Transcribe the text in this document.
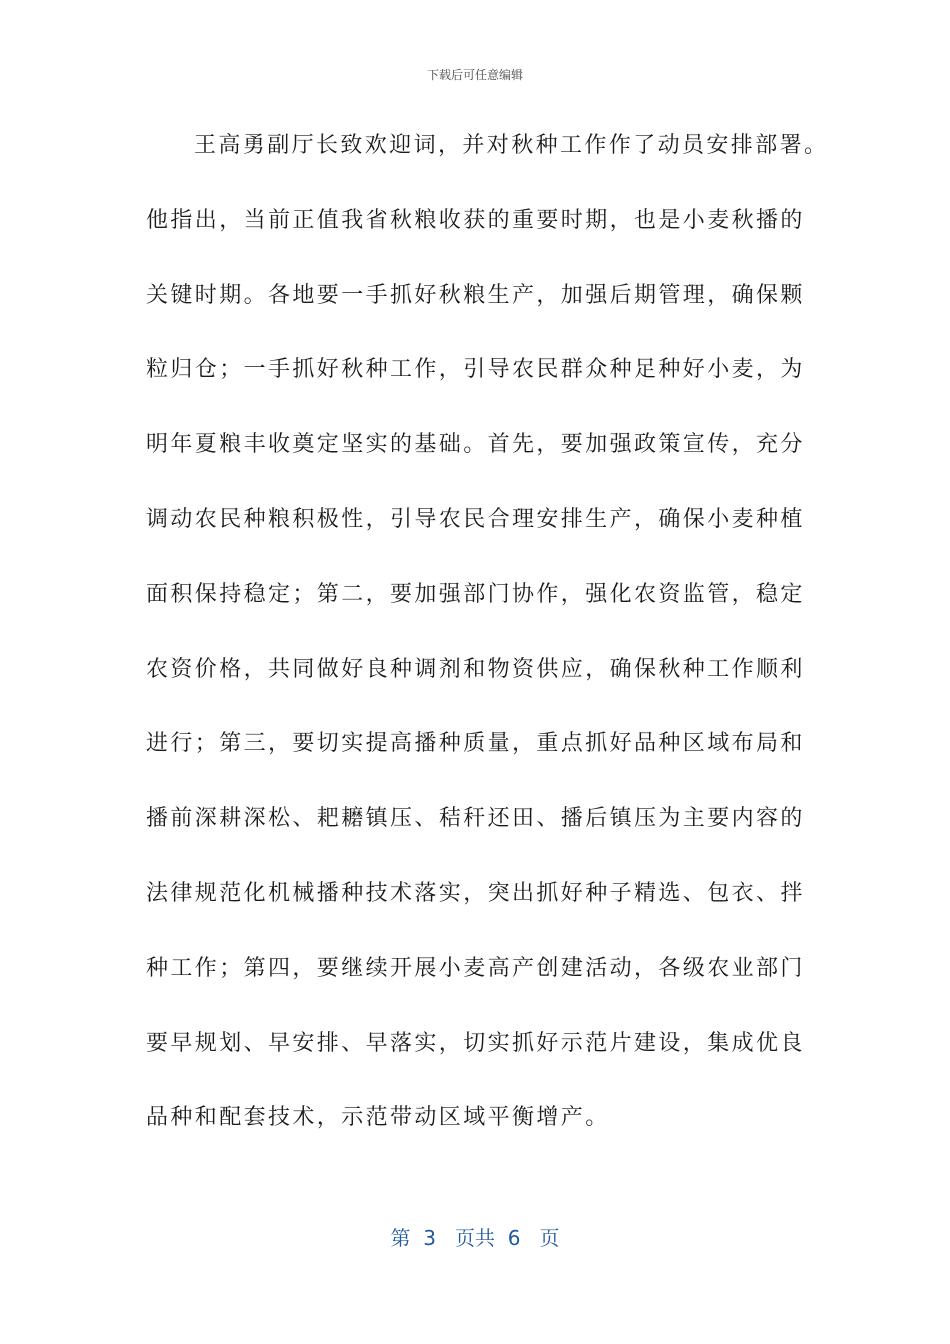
下载后可任意编辑
王高勇副厅长致欢迎词，并对秋种工作作了动员安排部署。
他指出，当前正值我省秋粮收获的重要时期，也是小麦秋播的
关键时期。各地要一手抓好秋粮生产，加强后期管理，确保颗
粒归仓；一手抓好秋种工作，引导农民群众种足种好小麦，为
明年夏粮丰收奠定坚实的基础。首先，要加强政策宣传，充分
调动农民种粮积极性，引导农民合理安排生产，确保小麦种植
面积保持稳定；第二，要加强部门协作，强化农资监管，稳定
农资价格，共同做好良种调剂和物资供应，确保秋种工作顺利
进行；第三，要切实提高播种质量，重点抓好品种区域布局和
播前深耕深松、耙耱镇压、秸秆还田、播后镇压为主要内容的
法律规范化机械播种技术落实，突出抓好种子精选、包衣、拌
种工作；第四，要继续开展小麦高产创建活动，各级农业部门
要早规划、早安排、早落实，切实抓好示范片建设，集成优良
品种和配套技术，示范带动区域平衡增产。
第  3   页共  6   页
